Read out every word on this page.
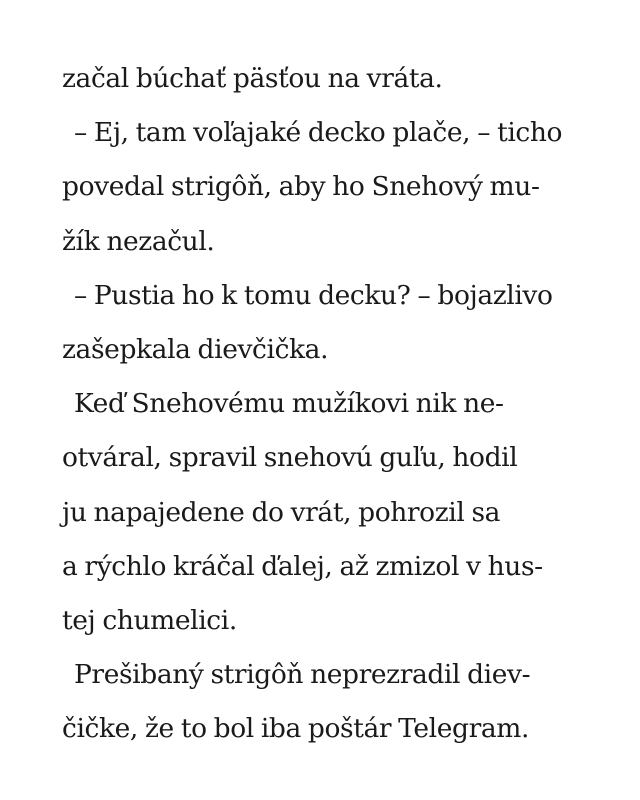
začal búchať päsťou na vráta.
– Ej, tam voľajaké decko plače, – ticho
povedal strigôň, aby ho Snehový mu-
žík nezačul.
– Pustia ho k tomu decku? – bojazlivo
zašepkala dievčička.
Keď Snehovému mužíkovi nik ne-
otváral, spravil snehovú guľu, hodil
ju napajedene do vrát, pohrozil sa
a rýchlo kráčal ďalej, až zmizol v hus-
tej chumelici.
Prešibaný strigôň neprezradil diev-
čičke, že to bol iba poštár Telegram.
